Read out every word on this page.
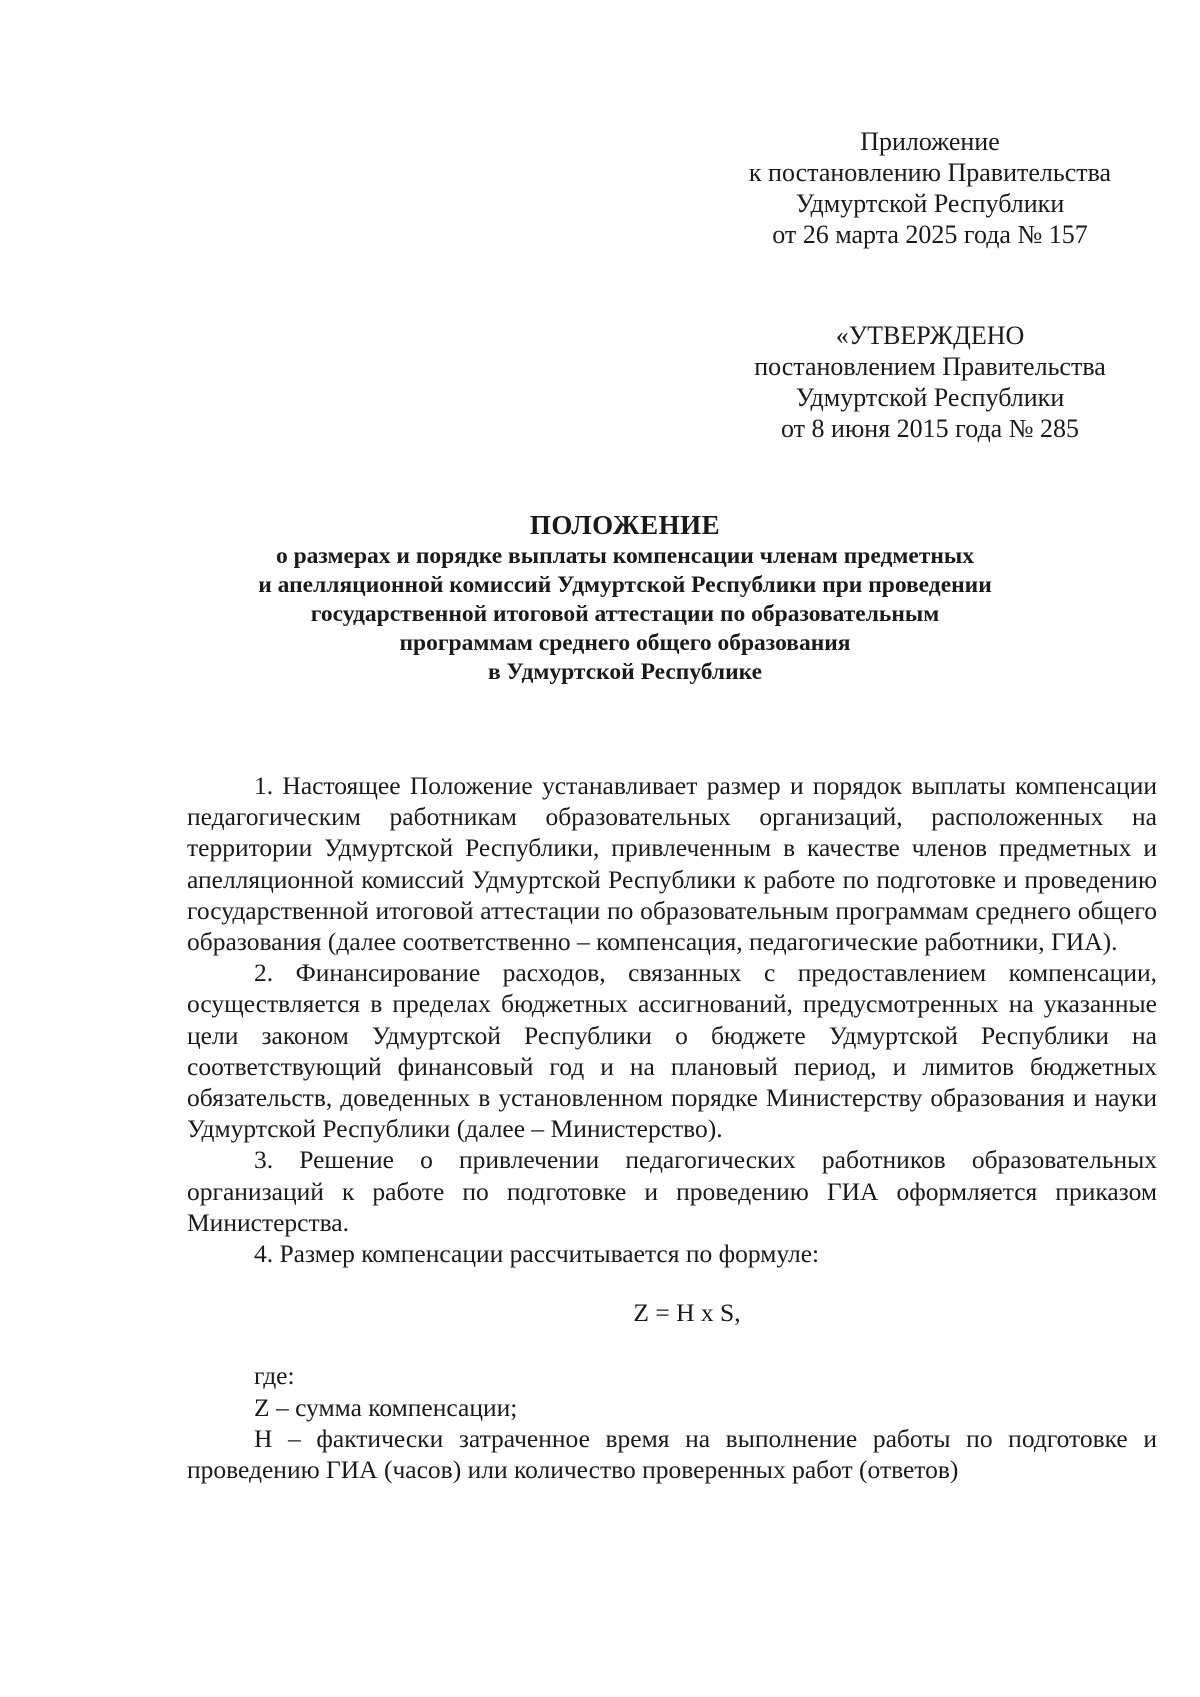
Приложение
к постановлению Правительства
Удмуртской Республики
от 26 марта 2025 года № 157
«УТВЕРЖДЕНО
постановлением Правительства
Удмуртской Республики
от 8 июня 2015 года № 285
ПОЛОЖЕНИЕ
о размерах и порядке выплаты компенсации членам предметных
и апелляционной комиссий Удмуртской Республики при проведении
государственной итоговой аттестации по образовательным
программам среднего общего образования
в Удмуртской Республике

1. Настоящее Положение устанавливает размер и порядок выплаты компенсации педагогическим работникам образовательных организаций, расположенных на территории Удмуртской Республики, привлеченным в качестве членов предметных и апелляционной комиссий Удмуртской Республики к работе по подготовке и проведению государственной итоговой аттестации по образовательным программам среднего общего образования (далее соответственно – компенсация, педагогические работники, ГИА).

2. Финансирование расходов, связанных с предоставлением компенсации, осуществляется в пределах бюджетных ассигнований, предусмотренных на указанные цели законом Удмуртской Республики о бюджете Удмуртской Республики на соответствующий финансовый год и на плановый период, и лимитов бюджетных обязательств, доведенных в установленном порядке Министерству образования и науки Удмуртской Республики (далее – Министерство).

3. Решение о привлечении педагогических работников образовательных организаций к работе по подготовке и проведению ГИА оформляется приказом Министерства.

4. Размер компенсации рассчитывается по формуле:

Z = H x S,

где:

Z – сумма компенсации;

H – фактически затраченное время на выполнение работы по подготовке и проведению ГИА (часов) или количество проверенных работ (ответов)
